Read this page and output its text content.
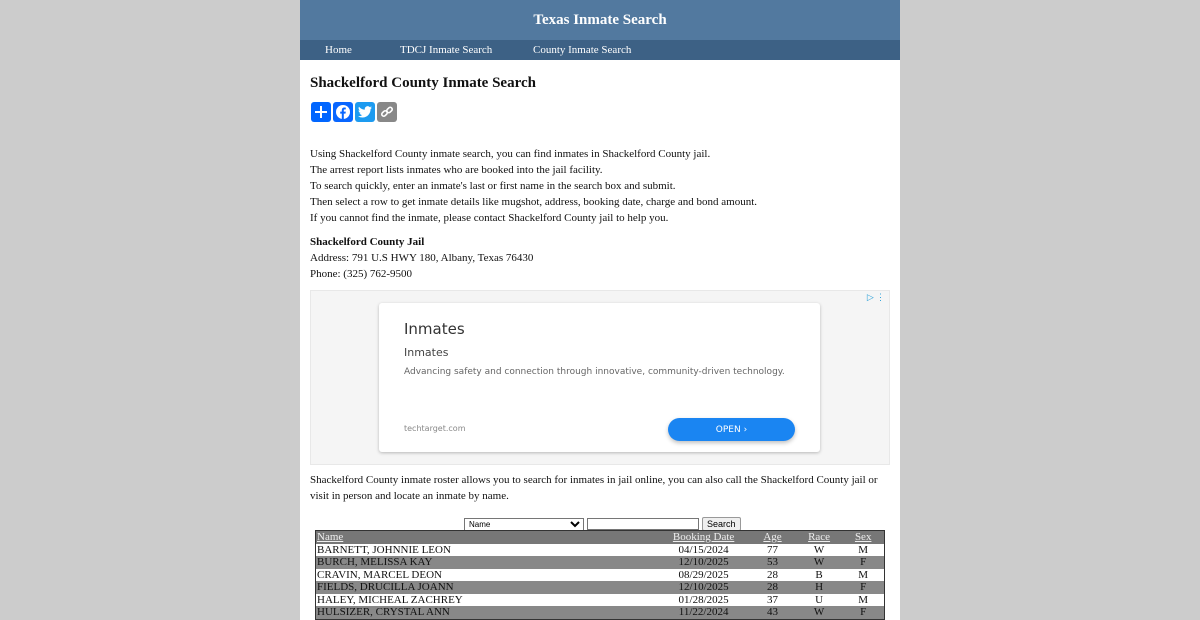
Texas Inmate Search
Home	TDCJ Inmate Search	County Inmate Search
Shackelford County Inmate Search
Using Shackelford County inmate search, you can find inmates in Shackelford County jail.
The arrest report lists inmates who are booked into the jail facility.
To search quickly, enter an inmate's last or first name in the search box and submit.
Then select a row to get inmate details like mugshot, address, booking date, charge and bond amount.
If you cannot find the inmate, please contact Shackelford County jail to help you.
Shackelford County Jail
Address: 791 U.S HWY 180, Albany, Texas 76430
Phone: (325) 762-9500
▷ ⋮
Inmates
Inmates
Advancing safety and connection through innovative, community-driven technology.
techtarget.com	OPEN ›
Shackelford County inmate roster allows you to search for inmates in jail online, you can also call the Shackelford County jail or visit in person and locate an inmate by name.
Name
Search
Name	Booking Date	Age	Race	Sex
BARNETT, JOHNNIE LEON	04/15/2024	77	W	M
BURCH, MELISSA KAY	12/10/2025	53	W	F
CRAVIN, MARCEL DEON	08/29/2025	28	B	M
FIELDS, DRUCILLA JOANN	12/10/2025	28	H	F
HALEY, MICHEAL ZACHREY	01/28/2025	37	U	M
HULSIZER, CRYSTAL ANN	11/22/2024	43	W	F
